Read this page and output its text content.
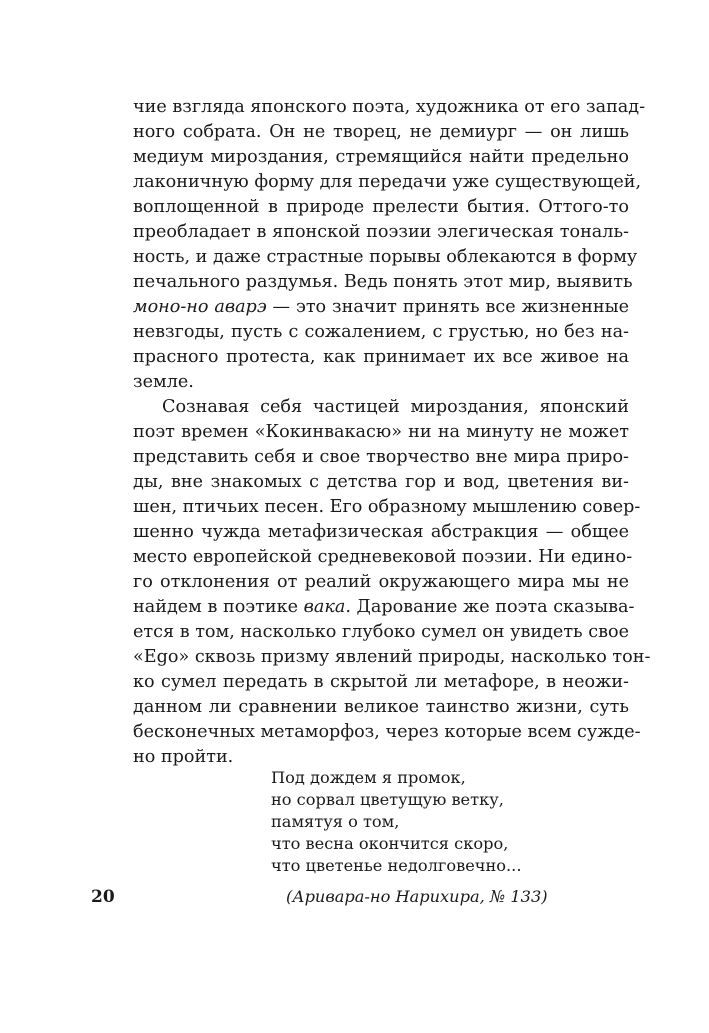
чие взгляда японского поэта, художника от его запад-
ного собрата. Он не творец, не демиург — он лишь
медиум мироздания, стремящийся найти предельно
лаконичную форму для передачи уже существующей,
воплощенной в природе прелести бытия. Оттого-то
преобладает в японской поэзии элегическая тональ-
ность, и даже страстные порывы облекаются в форму
печального раздумья. Ведь понять этот мир, выявить
моно-но аварэ — это значит принять все жизненные
невзгоды, пусть с сожалением, с грустью, но без на-
прасного протеста, как принимает их все живое на
земле.
Сознавая себя частицей мироздания, японский
поэт времен «Кокинвакасю» ни на минуту не может
представить себя и свое творчество вне мира приро-
ды, вне знакомых с детства гор и вод, цветения ви-
шен, птичьих песен. Его образному мышлению совер-
шенно чужда метафизическая абстракция — общее
место европейской средневековой поэзии. Ни едино-
го отклонения от реалий окружающего мира мы не
найдем в поэтике вака. Дарование же поэта сказыва-
ется в том, насколько глубоко сумел он увидеть свое
«Ego» сквозь призму явлений природы, насколько тон-
ко сумел передать в скрытой ли метафоре, в неожи-
данном ли сравнении великое таинство жизни, суть
бесконечных метаморфоз, через которые всем сужде-
но пройти.
Под дождем я промок,
но сорвал цветущую ветку,
памятуя о том,
что весна окончится скоро,
что цветенье недолговечно...
20	(Аривара-но Нарихира, № 133)
